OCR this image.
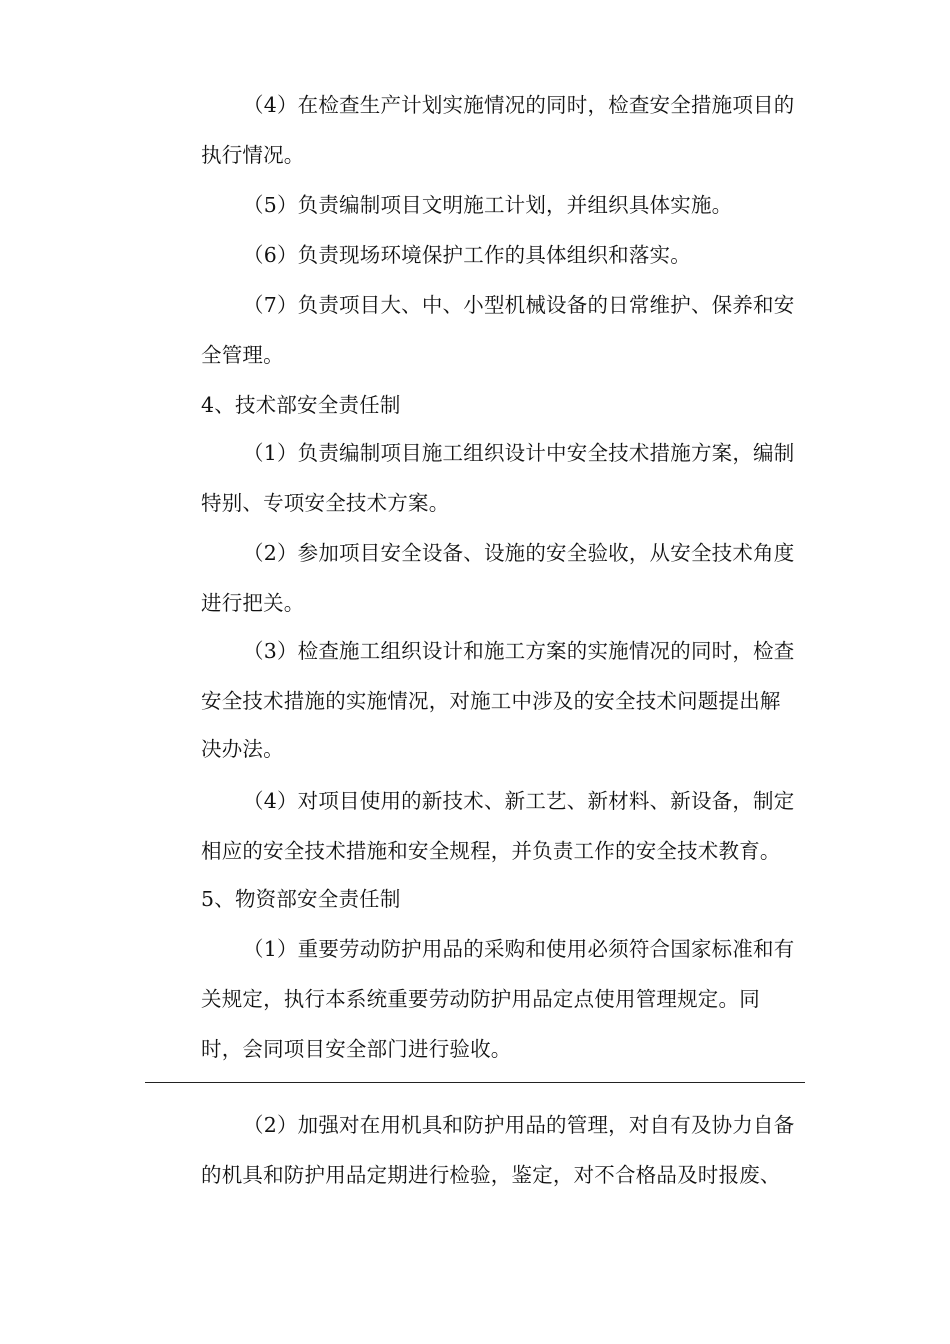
（4）在检查生产计划实施情况的同时，检查安全措施项目的
执行情况。
（5）负责编制项目文明施工计划，并组织具体实施。
（6）负责现场环境保护工作的具体组织和落实。
（7）负责项目大、中、小型机械设备的日常维护、保养和安
全管理。
4、技术部安全责任制
（1）负责编制项目施工组织设计中安全技术措施方案，编制
特别、专项安全技术方案。
（2）参加项目安全设备、设施的安全验收，从安全技术角度
进行把关。
（3）检查施工组织设计和施工方案的实施情况的同时，检查
安全技术措施的实施情况，对施工中涉及的安全技术问题提出解
决办法。
（4）对项目使用的新技术、新工艺、新材料、新设备，制定
相应的安全技术措施和安全规程，并负责工作的安全技术教育。
5、物资部安全责任制
（1）重要劳动防护用品的采购和使用必须符合国家标准和有
关规定，执行本系统重要劳动防护用品定点使用管理规定。同
时，会同项目安全部门进行验收。
（2）加强对在用机具和防护用品的管理，对自有及协力自备
的机具和防护用品定期进行检验，鉴定，对不合格品及时报废、
